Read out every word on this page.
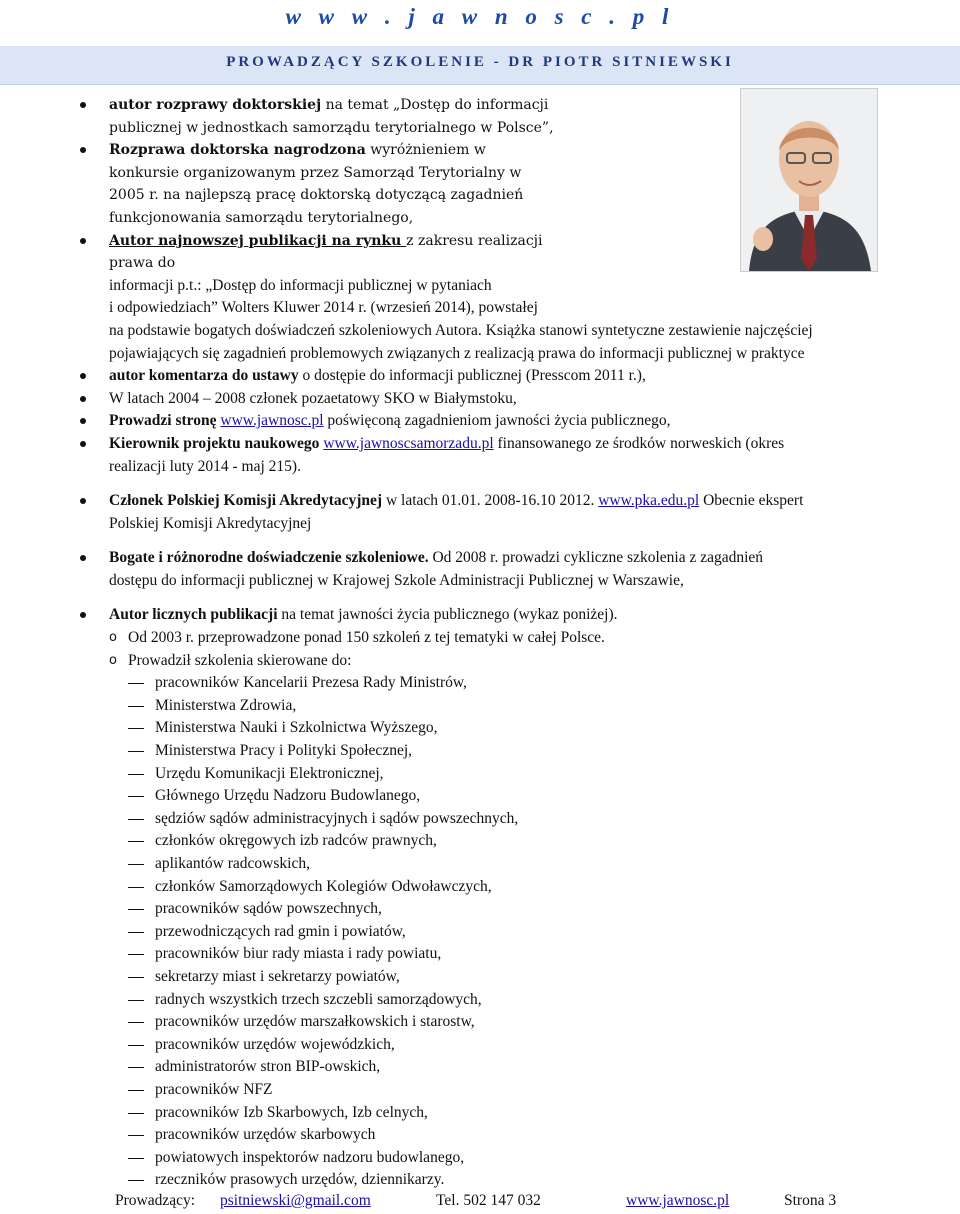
w w w . j a w n o s c . p l
PROWADZĄCY SZKOLENIE - DR PIOTR SITNIEWSKI
autor rozprawy doktorskiej na temat „Dostęp do informacji
publicznej w jednostkach samorządu terytorialnego w Polsce”,
Rozprawa doktorska nagrodzona wyróżnieniem w
konkursie organizowanym przez Samorząd Terytorialny w
2005 r. na najlepszą pracę doktorską dotyczącą zagadnień
funkcjonowania samorządu terytorialnego,
Autor najnowszej publikacji na rynku z zakresu realizacji prawa do
informacji p.t.: „Dostęp do informacji publicznej w pytaniach
i odpowiedziach” Wolters Kluwer 2014 r. (wrzesień 2014), powstałej
na podstawie bogatych doświadczeń szkoleniowych Autora. Książka stanowi syntetyczne zestawienie najczęściej
pojawiających się zagadnień problemowych związanych z realizacją prawa do informacji publicznej w praktyce
autor komentarza do ustawy o dostępie do informacji publicznej (Presscom 2011 r.),
W latach 2004 – 2008 członek pozaetatowy SKO w Białymstoku,
Prowadzi stronę www.jawnosc.pl poświęconą zagadnieniom jawności życia publicznego,
Kierownik projektu naukowego www.jawnoscsamorzadu.pl finansowanego ze środków norweskich (okres
realizacji luty 2014 - maj 215).
Członek Polskiej Komisji Akredytacyjnej w latach 01.01. 2008-16.10 2012. www.pka.edu.pl Obecnie ekspert
Polskiej Komisji Akredytacyjnej
Bogate i różnorodne doświadczenie szkoleniowe. Od 2008 r. prowadzi cykliczne szkolenia z zagadnień
dostępu do informacji publicznej w Krajowej Szkole Administracji Publicznej w Warszawie,
Autor licznych publikacji na temat jawności życia publicznego (wykaz poniżej).
o Od 2003 r. przeprowadzone ponad 150 szkoleń z tej tematyki w całej Polsce.
o Prowadził szkolenia skierowane do:
pracowników Kancelarii Prezesa Rady Ministrów,
Ministerstwa Zdrowia,
Ministerstwa Nauki i Szkolnictwa Wyższego,
Ministerstwa Pracy i Polityki Społecznej,
Urzędu Komunikacji Elektronicznej,
Głównego Urzędu Nadzoru Budowlanego,
sędziów sądów administracyjnych i sądów powszechnych,
członków okręgowych izb radców prawnych,
aplikantów radcowskich,
członków Samorządowych Kolegiów Odwoławczych,
pracowników sądów powszechnych,
przewodniczących rad gmin i powiatów,
pracowników biur rady miasta i rady powiatu,
sekretarzy miast i sekretarzy powiatów,
radnych wszystkich trzech szczebli samorządowych,
pracowników urzędów marszałkowskich i starostw,
pracowników urzędów wojewódzkich,
administratorów stron BIP-owskich,
pracowników NFZ
pracowników Izb Skarbowych, Izb celnych,
pracowników urzędów skarbowych
powiatowych inspektorów nadzoru budowlanego,
rzeczników prasowych urzędów, dziennikarzy.
Prowadzący: psitniewski@gmail.com	Tel. 502 147 032	www.jawnosc.pl	Strona 3
